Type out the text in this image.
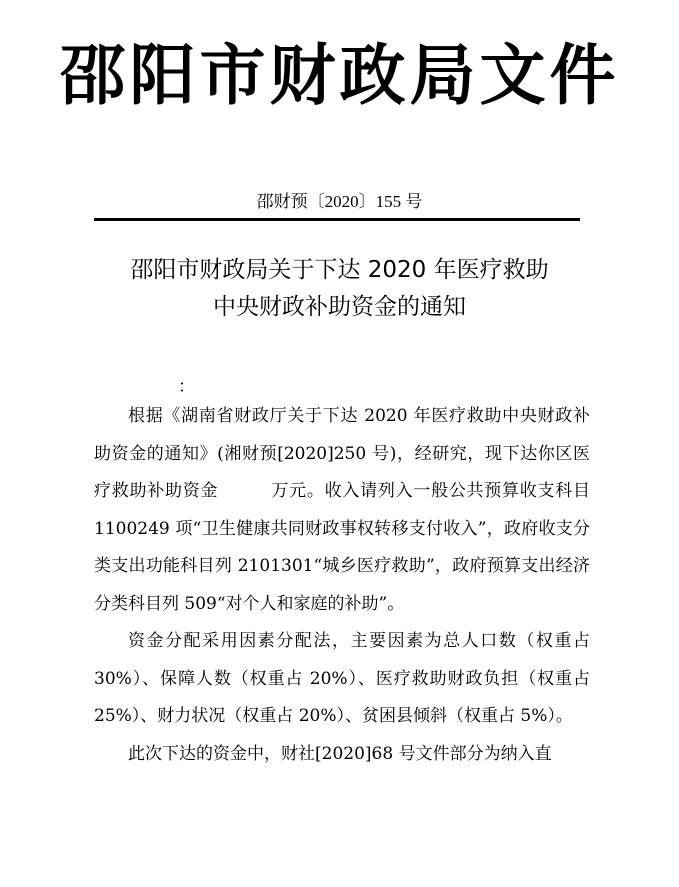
邵阳市财政局文件
邵财预〔2020〕155 号
邵阳市财政局关于下达 2020 年医疗救助
中央财政补助资金的通知
：

根据《湖南省财政厅关于下达 2020 年医疗救助中央财政补助资金的通知》(湘财预[2020]250 号)，经研究，现下达你区医疗救助补助资金　　　万元。收入请列入一般公共预算收支科目 1100249 项“卫生健康共同财政事权转移支付收入”，政府收支分类支出功能科目列 2101301“城乡医疗救助”，政府预算支出经济分类科目列 509“对个人和家庭的补助”。

资金分配采用因素分配法，主要因素为总人口数（权重占 30%）、保障人数（权重占 20%）、医疗救助财政负担（权重占 25%）、财力状况（权重占 20%）、贫困县倾斜（权重占 5%）。

此次下达的资金中，财社[2020]68 号文件部分为纳入直
